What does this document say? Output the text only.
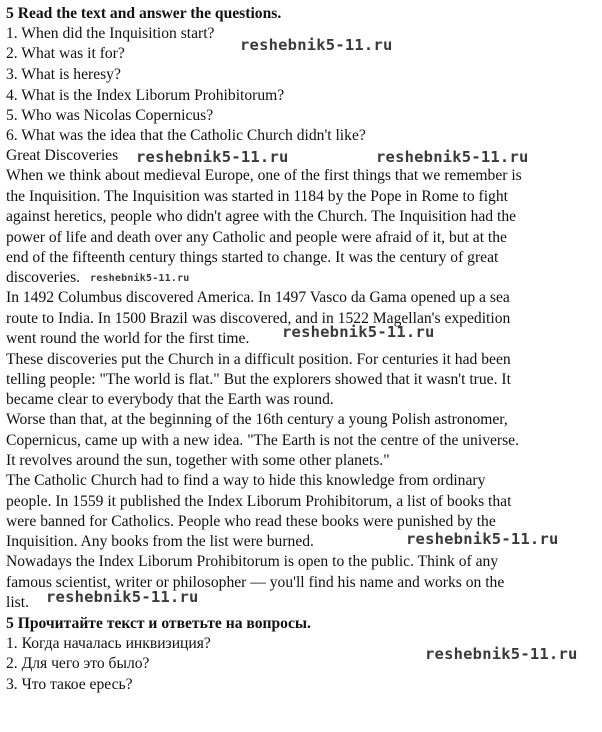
5 Read the text and answer the questions.
1. When did the Inquisition start?
2. What was it for?
3. What is heresy?
4. What is the Index Liborum Prohibitorum?
5. Who was Nicolas Copernicus?
6. What was the idea that the Catholic Church didn't like?
Great Discoveries
When we think about medieval Europe, one of the first things that we remember is
the Inquisition. The Inquisition was started in 1184 by the Pope in Rome to fight
against heretics, people who didn't agree with the Church. The Inquisition had the
power of life and death over any Catholic and people were afraid of it, but at the
end of the fifteenth century things started to change. It was the century of great
discoveries.
In 1492 Columbus discovered America. In 1497 Vasco da Gama opened up a sea
route to India. In 1500 Brazil was discovered, and in 1522 Magellan's expedition
went round the world for the first time.
These discoveries put the Church in a difficult position. For centuries it had been
telling people: "The world is flat." But the explorers showed that it wasn't true. It
became clear to everybody that the Earth was round.
Worse than that, at the beginning of the 16th century a young Polish astronomer,
Copernicus, came up with a new idea. "The Earth is not the centre of the universe.
It revolves around the sun, together with some other planets."
The Catholic Church had to find a way to hide this knowledge from ordinary
people. In 1559 it published the Index Liborum Prohibitorum, a list of books that
were banned for Catholics. People who read these books were punished by the
Inquisition. Any books from the list were burned.
Nowadays the Index Liborum Prohibitorum is open to the public. Think of any
famous scientist, writer or philosopher — you'll find his name and works on the
list.
5 Прочитайте текст и ответьте на вопросы.
1. Когда началась инквизиция?
2. Для чего это было?
3. Что такое ересь?
reshebnik5-11.ru
reshebnik5-11.ru	reshebnik5-11.ru
reshebnik5-11.ru
reshebnik5-11.ru
reshebnik5-11.ru
reshebnik5-11.ru
reshebnik5-11.ru
